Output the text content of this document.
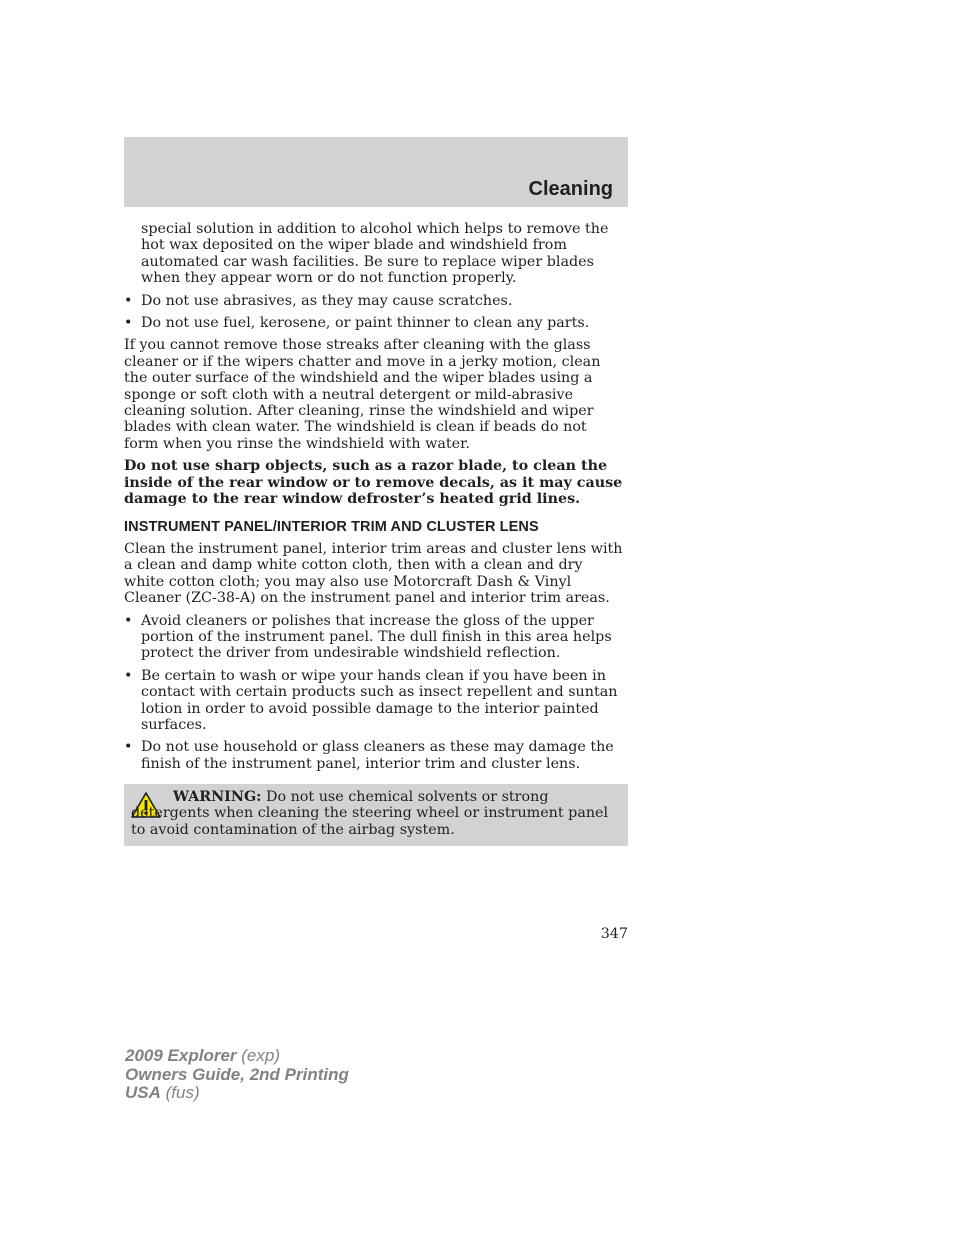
Cleaning

special solution in addition to alcohol which helps to remove the hot wax deposited on the wiper blade and windshield from automated car wash facilities. Be sure to replace wiper blades when they appear worn or do not function properly.

• Do not use abrasives, as they may cause scratches.
• Do not use fuel, kerosene, or paint thinner to clean any parts.

If you cannot remove those streaks after cleaning with the glass cleaner or if the wipers chatter and move in a jerky motion, clean the outer surface of the windshield and the wiper blades using a sponge or soft cloth with a neutral detergent or mild-abrasive cleaning solution. After cleaning, rinse the windshield and wiper blades with clean water. The windshield is clean if beads do not form when you rinse the windshield with water.

Do not use sharp objects, such as a razor blade, to clean the inside of the rear window or to remove decals, as it may cause damage to the rear window defroster’s heated grid lines.

INSTRUMENT PANEL/INTERIOR TRIM AND CLUSTER LENS

Clean the instrument panel, interior trim areas and cluster lens with a clean and damp white cotton cloth, then with a clean and dry white cotton cloth; you may also use Motorcraft Dash & Vinyl Cleaner (ZC-38-A) on the instrument panel and interior trim areas.

• Avoid cleaners or polishes that increase the gloss of the upper portion of the instrument panel. The dull finish in this area helps protect the driver from undesirable windshield reflection.
• Be certain to wash or wipe your hands clean if you have been in contact with certain products such as insect repellent and suntan lotion in order to avoid possible damage to the interior painted surfaces.
• Do not use household or glass cleaners as these may damage the finish of the instrument panel, interior trim and cluster lens.
WARNING: Do not use chemical solvents or strong detergents when cleaning the steering wheel or instrument panel to avoid contamination of the airbag system.
347
2009 Explorer (exp)
Owners Guide, 2nd Printing
USA (fus)
